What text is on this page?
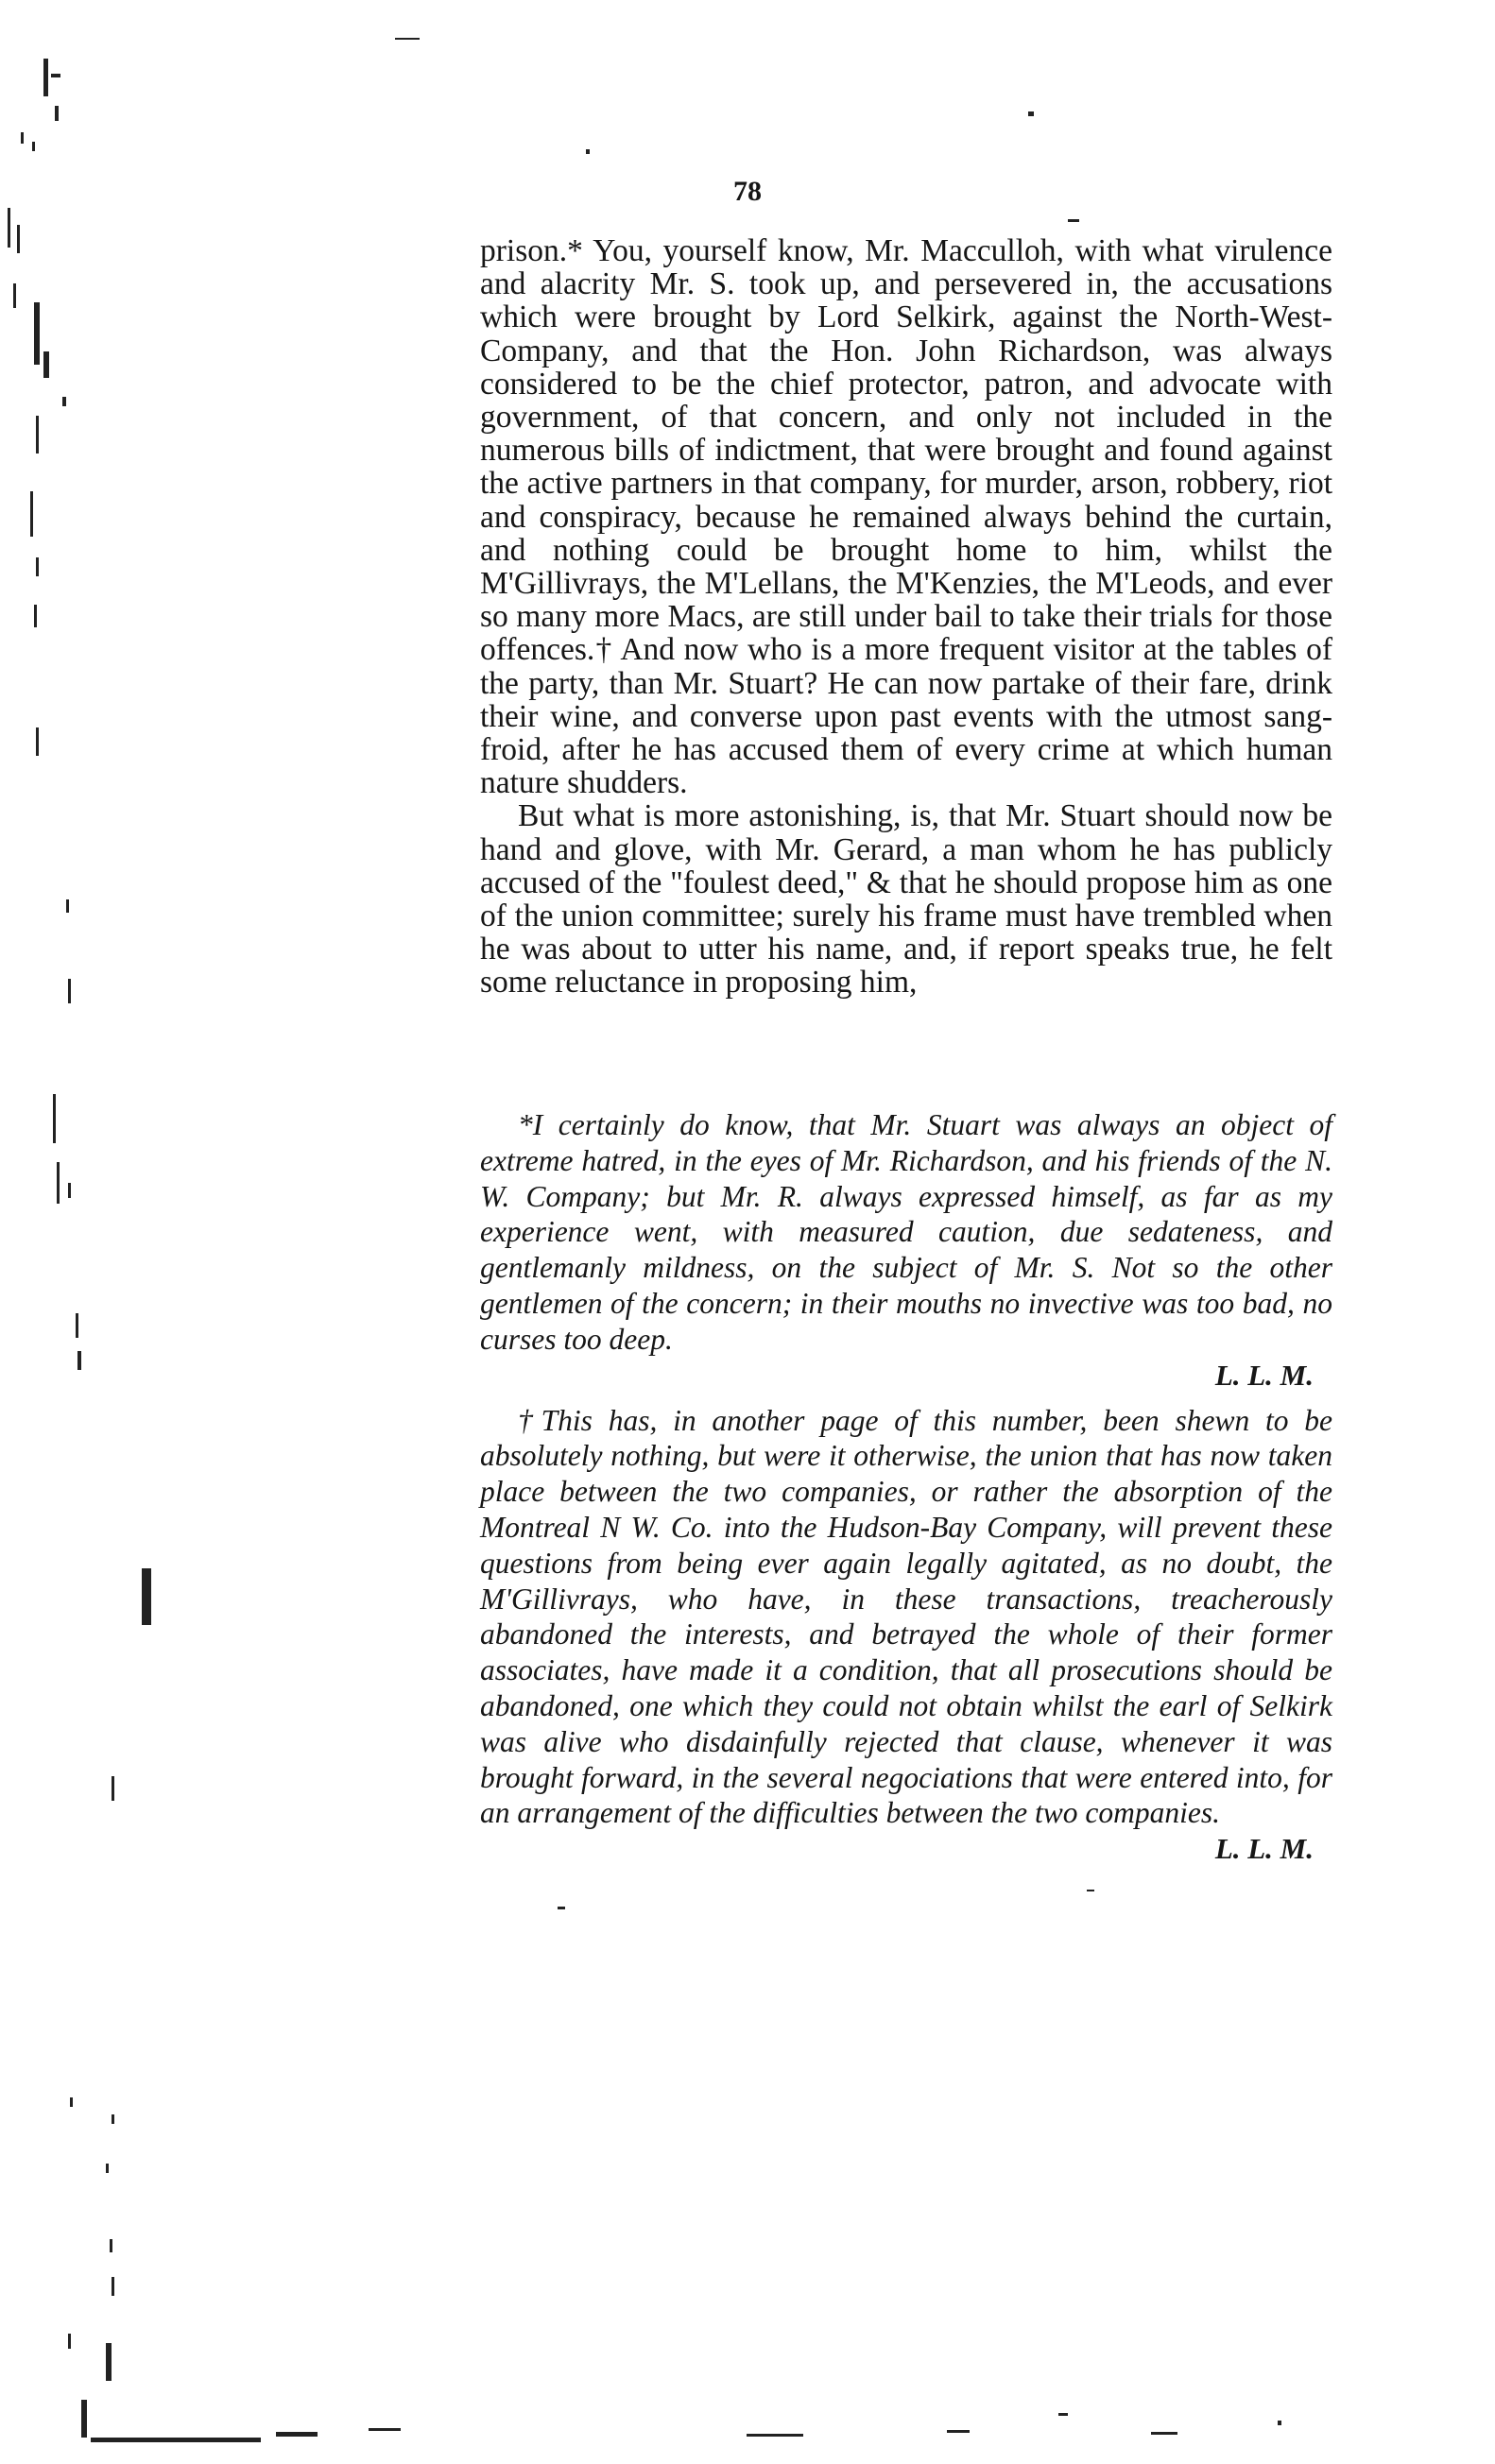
78

prison.* You, yourself know, Mr. Macculloh, with what virulence and alacrity Mr. S. took up, and persevered in, the accusations which were brought by Lord Selkirk, against the North-West-Company, and that the Hon. John Richardson, was always considered to be the chief protector, patron, and advocate with government, of that concern, and only not included in the numerous bills of indictment, that were brought and found against the active partners in that company, for murder, arson, robbery, riot and conspiracy, because he remained always behind the curtain, and nothing could be brought home to him, whilst the M'Gillivrays, the M'Lellans, the M'Kenzies, the M'Leods, and ever so many more Macs, are still under bail to take their trials for those offences.† And now who is a more frequent visitor at the tables of the party, than Mr. Stuart? He can now partake of their fare, drink their wine, and converse upon past events with the utmost sang-froid, after he has accused them of every crime at which human nature shudders.

But what is more astonishing, is, that Mr. Stuart should now be hand and glove, with Mr. Gerard, a man whom he has publicly accused of the "foulest deed," & that he should propose him as one of the union committee; surely his frame must have trembled when he was about to utter his name, and, if report speaks true, he felt some reluctance in proposing him,

*I certainly do know, that Mr. Stuart was always an object of extreme hatred, in the eyes of Mr. Richardson, and his friends of the N. W. Company; but Mr. R. always expressed himself, as far as my experience went, with measured caution, due sedateness, and gentlemanly mildness, on the subject of Mr. S. Not so the other gentlemen of the concern; in their mouths no invective was too bad, no curses too deep.
L. L. M.

†This has, in another page of this number, been shewn to be absolutely nothing, but were it otherwise, the union that has now taken place between the two companies, or rather the absorption of the Montreal N W. Co. into the Hudson-Bay Company, will prevent these questions from being ever again legally agitated, as no doubt, the M'Gillivrays, who have, in these transactions, treacherously abandoned the interests, and betrayed the whole of their former associates, have made it a condition, that all prosecutions should be abandoned, one which they could not obtain whilst the earl of Selkirk was alive who disdainfully rejected that clause, whenever it was brought forward, in the several negociations that were entered into, for an arrangement of the difficulties between the two companies.
L. L. M.
